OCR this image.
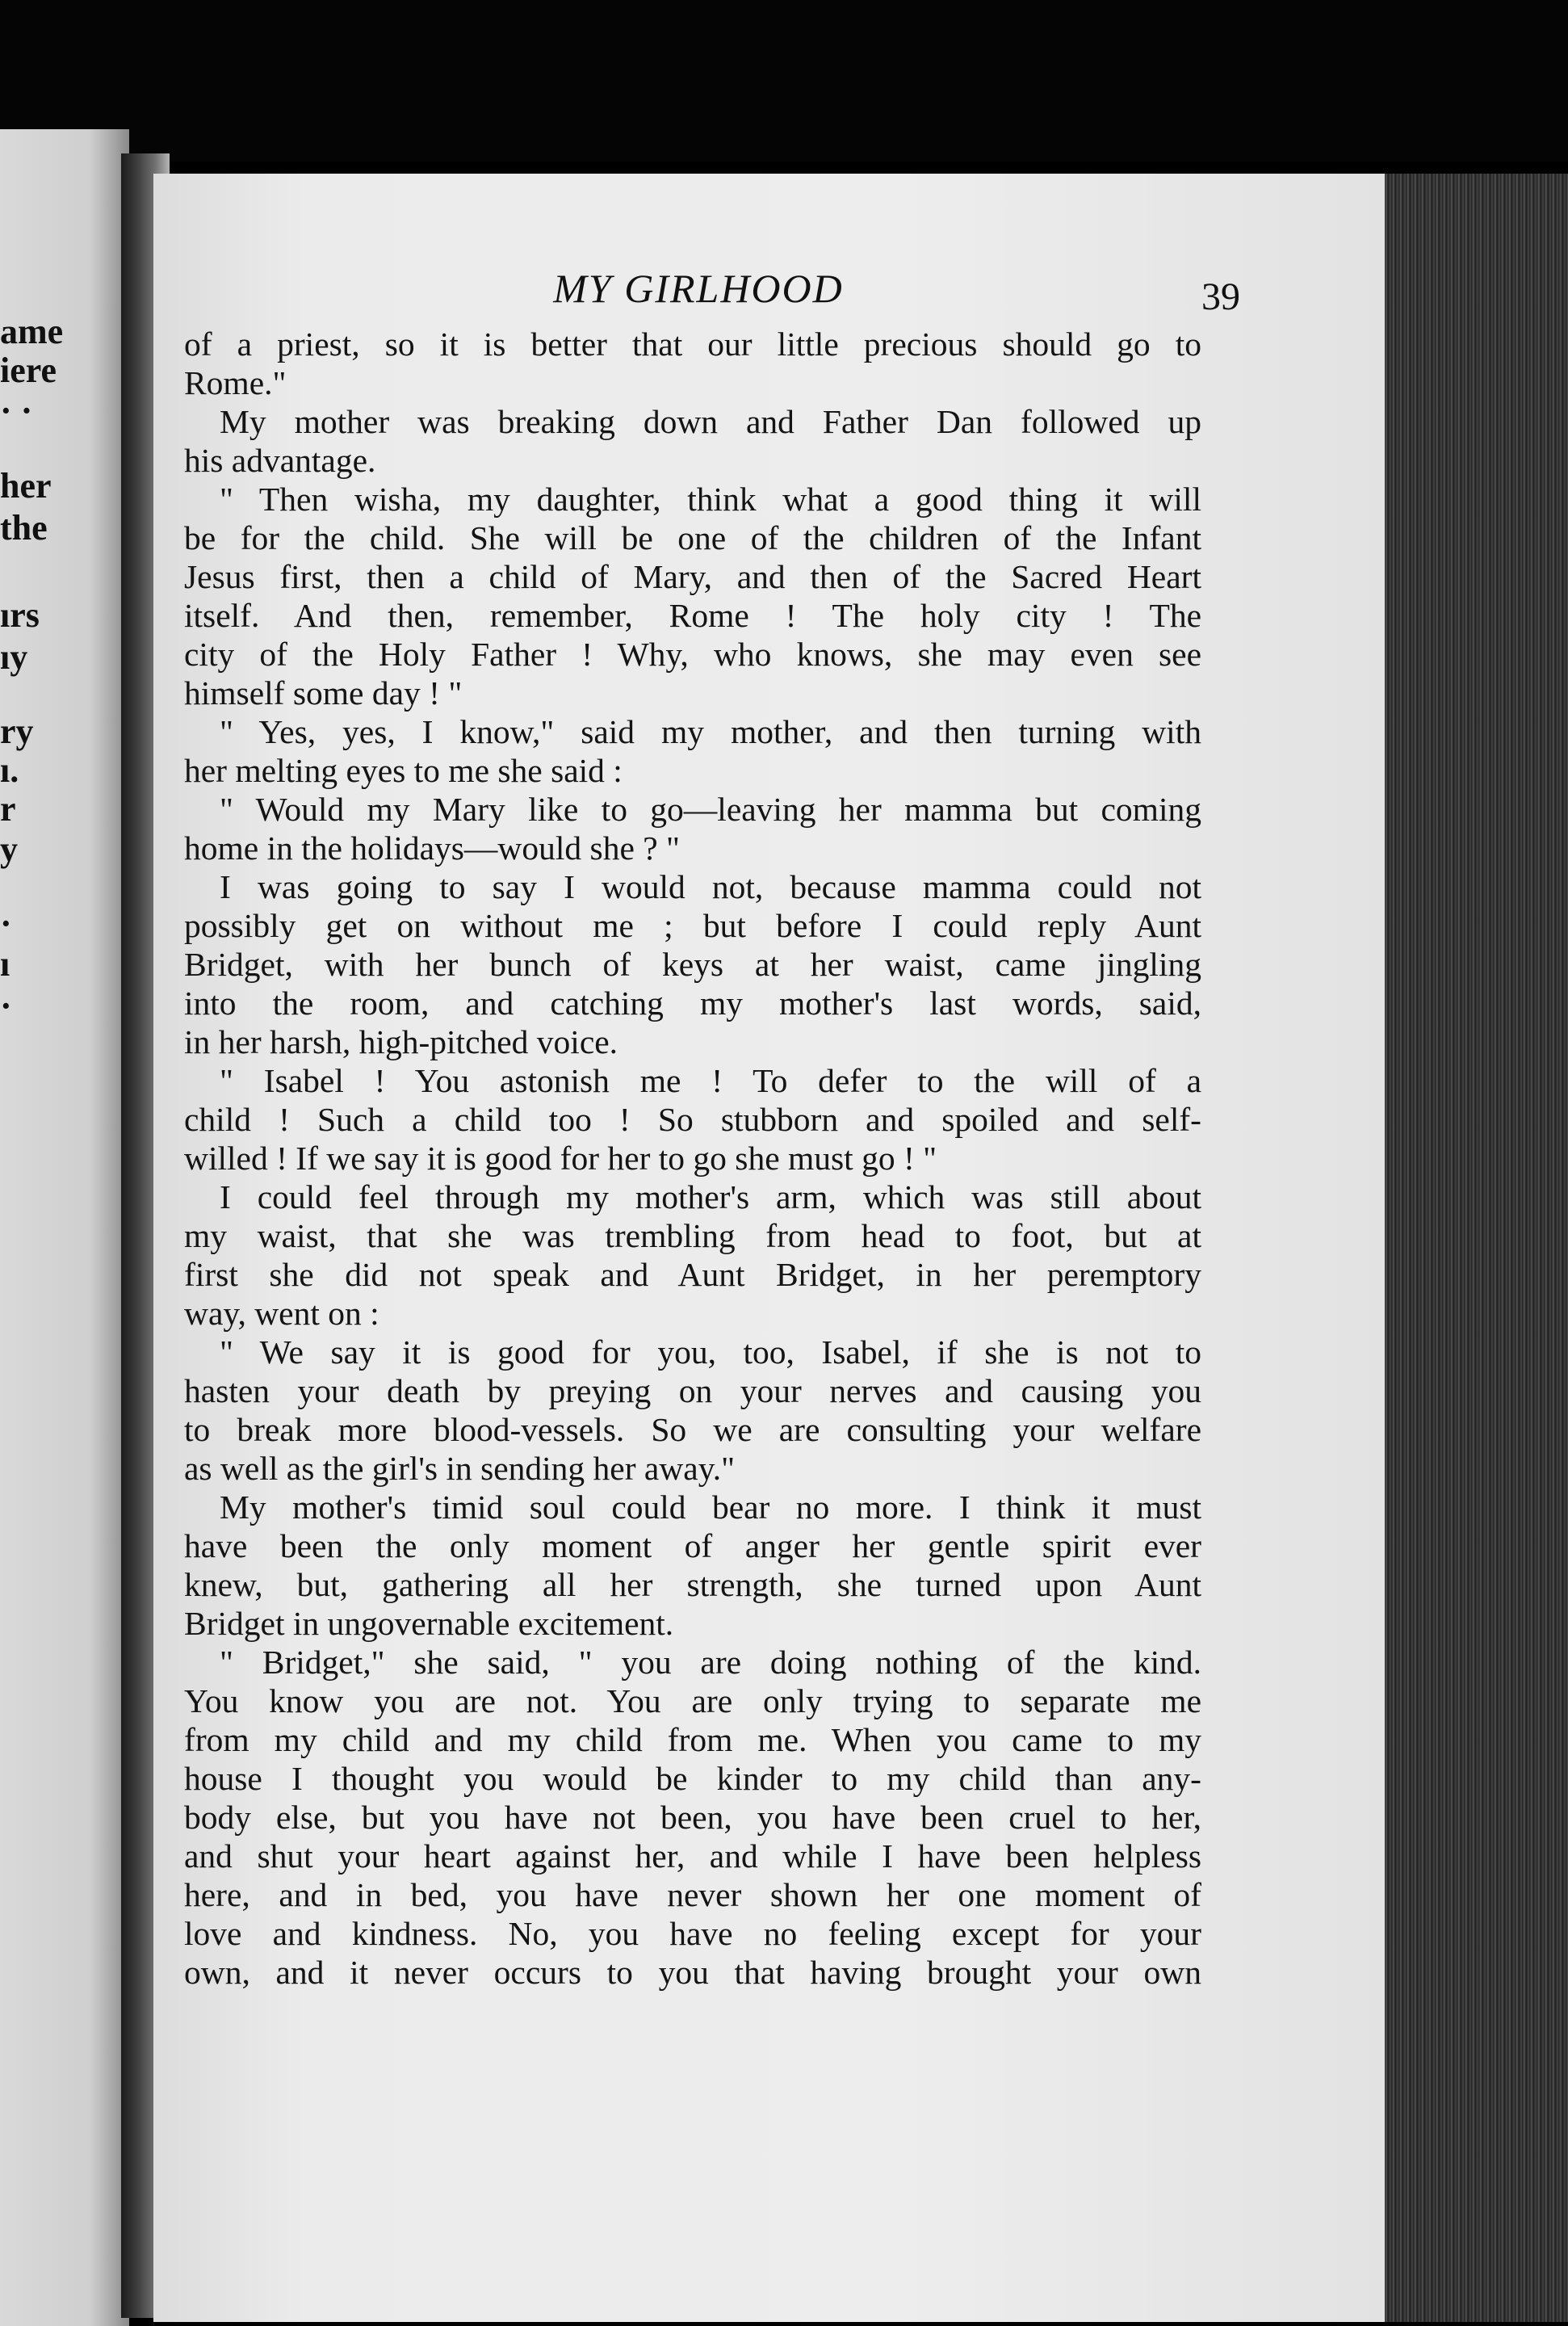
ame
iere
· ·
her
the
ırs
ıy
ry
ı.
r
y
·
ı
·
MY GIRLHOOD	39

of a priest, so it is better that our little precious should go to

Rome."

My mother was breaking down and Father Dan followed up

his advantage.

" Then wisha, my daughter, think what a good thing it will

be for the child. She will be one of the children of the Infant

Jesus first, then a child of Mary, and then of the Sacred Heart

itself. And then, remember, Rome ! The holy city ! The

city of the Holy Father ! Why, who knows, she may even see

himself some day ! "

" Yes, yes, I know," said my mother, and then turning with

her melting eyes to me she said :

" Would my Mary like to go—leaving her mamma but coming

home in the holidays—would she ? "

I was going to say I would not, because mamma could not

possibly get on without me ; but before I could reply Aunt

Bridget, with her bunch of keys at her waist, came jingling

into the room, and catching my mother's last words, said,

in her harsh, high-pitched voice.

" Isabel ! You astonish me ! To defer to the will of a

child ! Such a child too ! So stubborn and spoiled and self-

willed ! If we say it is good for her to go she must go ! "

I could feel through my mother's arm, which was still about

my waist, that she was trembling from head to foot, but at

first she did not speak and Aunt Bridget, in her peremptory

way, went on :

" We say it is good for you, too, Isabel, if she is not to

hasten your death by preying on your nerves and causing you

to break more blood-vessels. So we are consulting your welfare

as well as the girl's in sending her away."

My mother's timid soul could bear no more. I think it must

have been the only moment of anger her gentle spirit ever

knew, but, gathering all her strength, she turned upon Aunt

Bridget in ungovernable excitement.

" Bridget," she said, " you are doing nothing of the kind.

You know you are not. You are only trying to separate me

from my child and my child from me. When you came to my

house I thought you would be kinder to my child than any-

body else, but you have not been, you have been cruel to her,

and shut your heart against her, and while I have been helpless

here, and in bed, you have never shown her one moment of

love and kindness. No, you have no feeling except for your

own, and it never occurs to you that having brought your own
